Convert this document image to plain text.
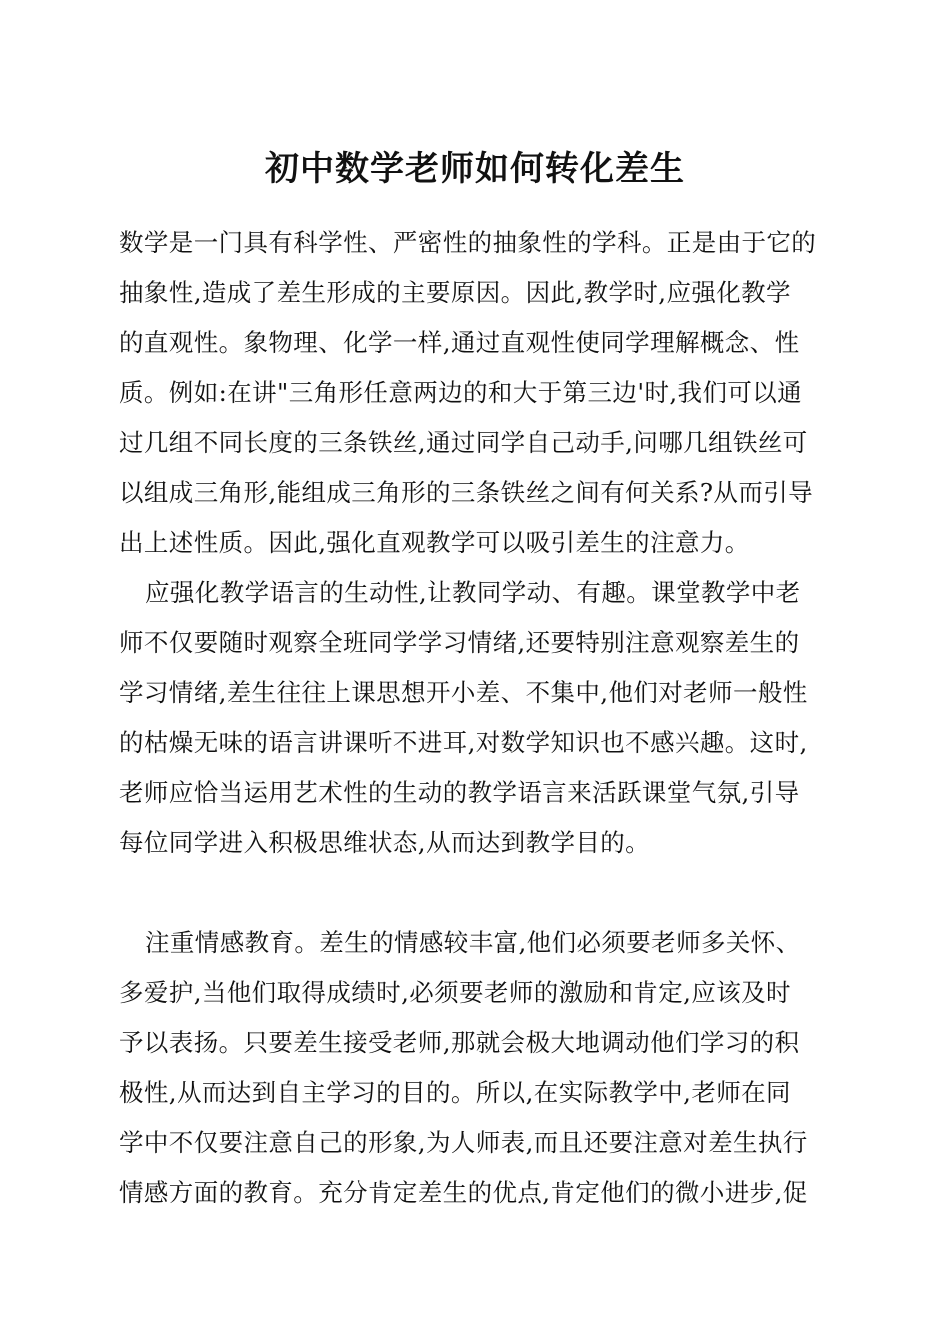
初中数学老师如何转化差生
数学是一门具有科学性、严密性的抽象性的学科。正是由于它的
抽象性,造成了差生形成的主要原因。因此,教学时,应强化教学
的直观性。象物理、化学一样,通过直观性使同学理解概念、性
质。例如:在讲"三角形任意两边的和大于第三边'时,我们可以通
过几组不同长度的三条铁丝,通过同学自己动手,问哪几组铁丝可
以组成三角形,能组成三角形的三条铁丝之间有何关系?从而引导
出上述性质。因此,强化直观教学可以吸引差生的注意力。
应强化教学语言的生动性,让教同学动、有趣。课堂教学中老
师不仅要随时观察全班同学学习情绪,还要特别注意观察差生的
学习情绪,差生往往上课思想开小差、不集中,他们对老师一般性
的枯燥无味的语言讲课听不进耳,对数学知识也不感兴趣。这时,
老师应恰当运用艺术性的生动的教学语言来活跃课堂气氛,引导
每位同学进入积极思维状态,从而达到教学目的。
注重情感教育。差生的情感较丰富,他们必须要老师多关怀、
多爱护,当他们取得成绩时,必须要老师的激励和肯定,应该及时
予以表扬。只要差生接受老师,那就会极大地调动他们学习的积
极性,从而达到自主学习的目的。所以,在实际教学中,老师在同
学中不仅要注意自己的形象,为人师表,而且还要注意对差生执行
情感方面的教育。充分肯定差生的优点,肯定他们的微小进步,促
